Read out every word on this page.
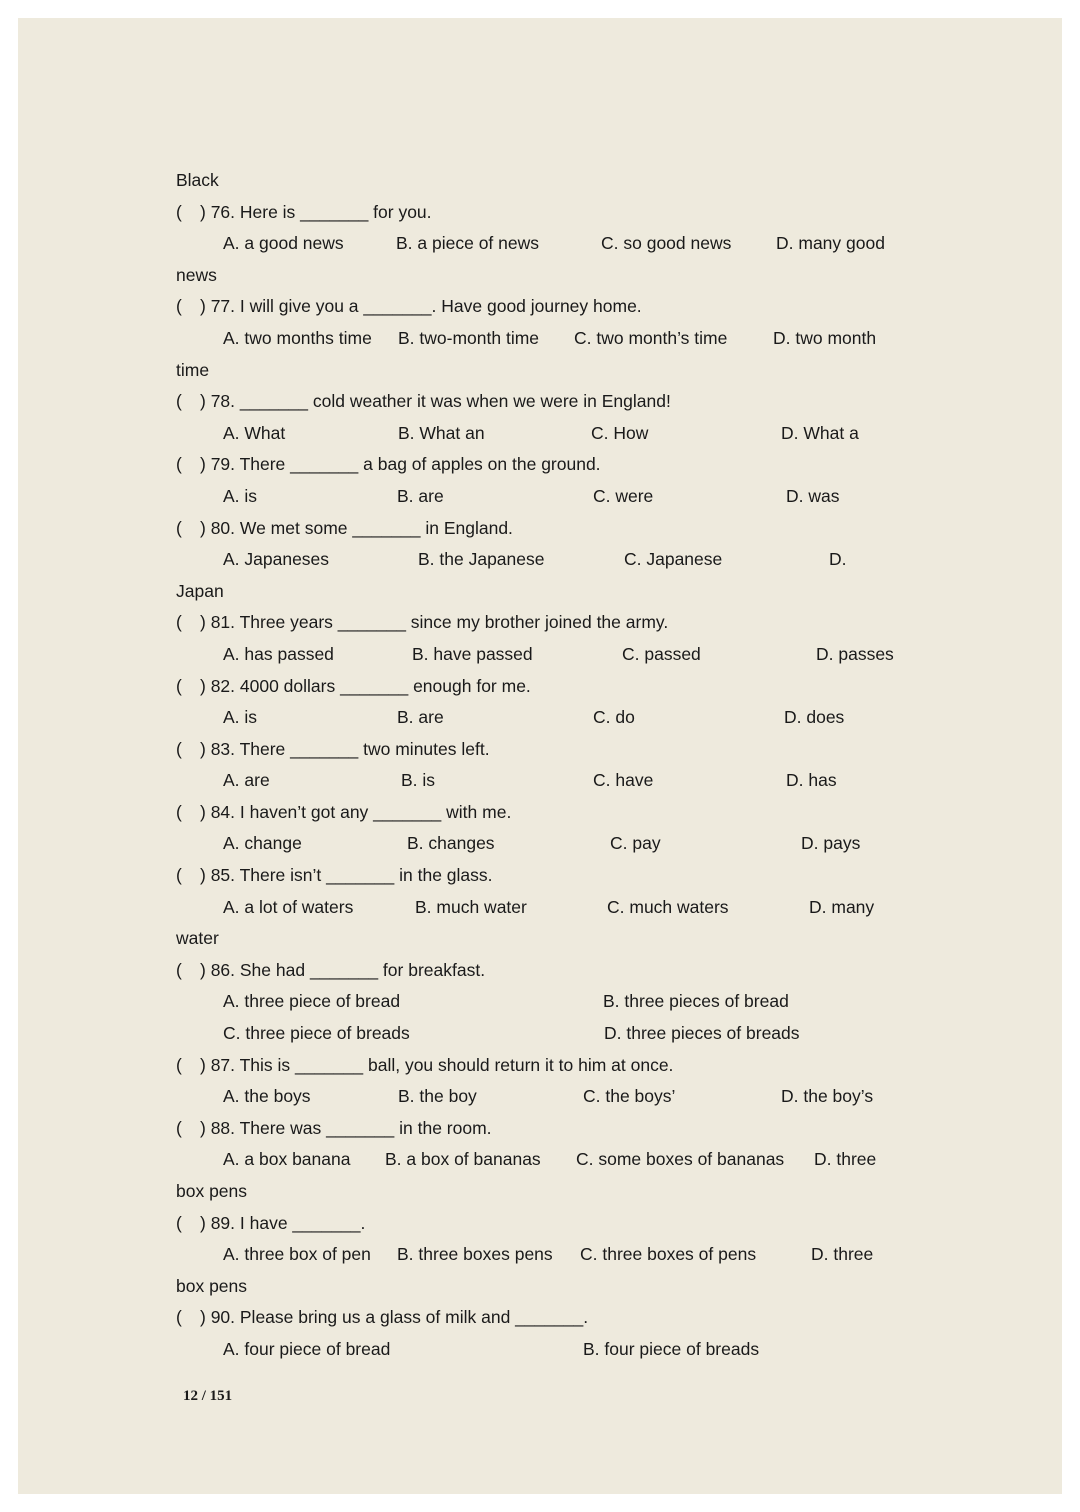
Black
( ) 76. Here is _______ for you.
A. a good news	B. a piece of news	C. so good news	D. many good
news
( ) 77. I will give you a _______. Have good journey home.
A. two months time B. two-month time C. two month’s time	D. two month
time
( ) 78. _______ cold weather it was when we were in England!
A. What	B. What an	C. How	D. What a
( ) 79. There _______ a bag of apples on the ground.
A. is	B. are	C. were	D. was
( ) 80. We met some _______ in England.
A. Japaneses	B. the Japanese	C. Japanese	D.
Japan
( ) 81. Three years _______ since my brother joined the army.
A. has passed	B. have passed	C. passed	D. passes
( ) 82. 4000 dollars _______ enough for me.
A. is	B. are	C. do	D. does
( ) 83. There _______ two minutes left.
A. are	B. is	C. have	D. has
( ) 84. I haven’t got any _______ with me.
A. change	B. changes	C. pay	D. pays
( ) 85. There isn’t _______ in the glass.
A. a lot of waters	B. much water	C. much waters	D. many
water
( ) 86. She had _______ for breakfast.
A. three piece of bread	B. three pieces of bread
C. three piece of breads	D. three pieces of breads
( ) 87. This is _______ ball, you should return it to him at once.
A. the boys	B. the boy	C. the boys’	D. the boy’s
( ) 88. There was _______ in the room.
A. a box banana B. a box of bananas C. some boxes of bananas D. three
box pens
( ) 89. I have _______.
A. three box of pen B. three boxes pens C. three boxes of pens	D. three
box pens
( ) 90. Please bring us a glass of milk and _______.
A. four piece of bread	B. four piece of breads
12 / 151
